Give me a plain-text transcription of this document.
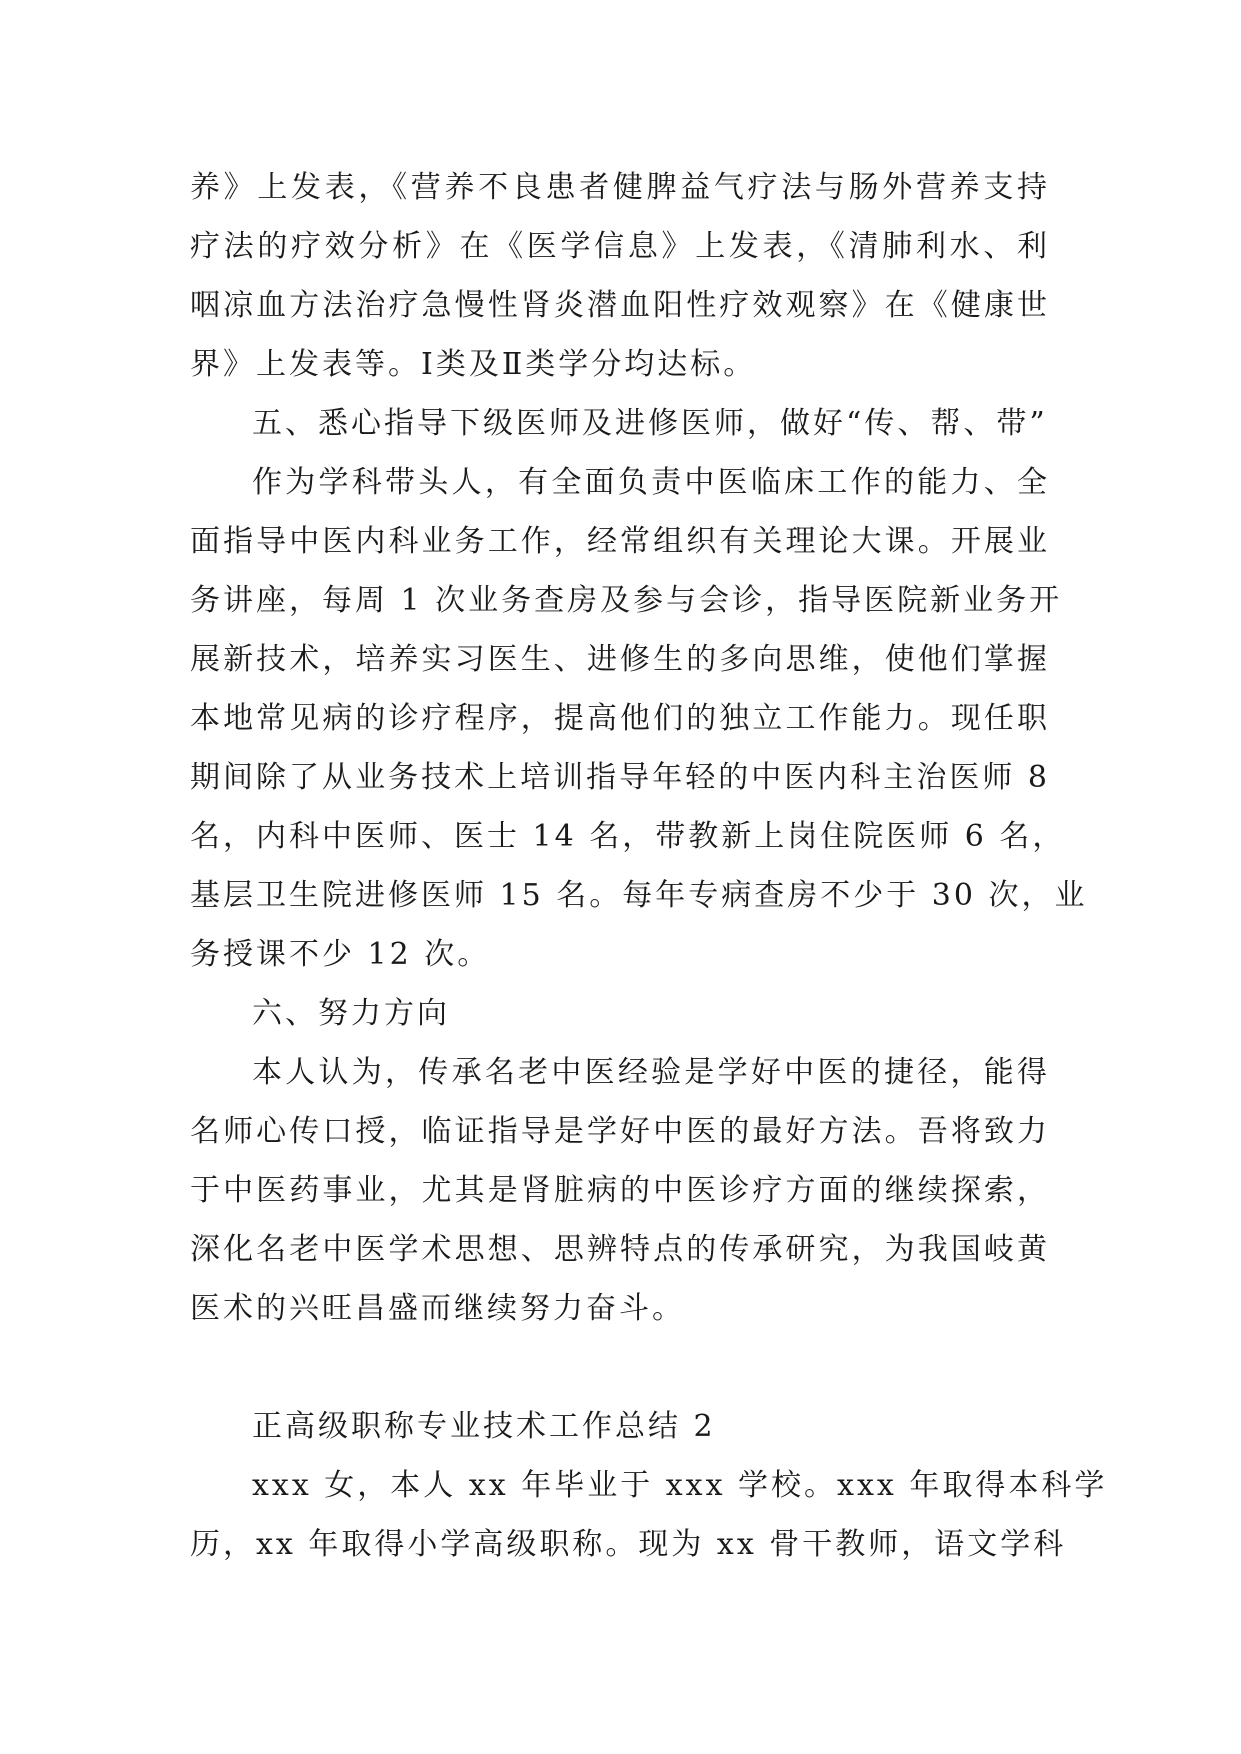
养》上发表，《营养不良患者健脾益气疗法与肠外营养支持
疗法的疗效分析》在《医学信息》上发表，《清肺利水、利
咽凉血方法治疗急慢性肾炎潜血阳性疗效观察》在《健康世
界》上发表等。Ⅰ类及Ⅱ类学分均达标。
五、悉心指导下级医师及进修医师，做好“传、帮、带”
作为学科带头人，有全面负责中医临床工作的能力、全
面指导中医内科业务工作，经常组织有关理论大课。开展业
务讲座，每周 1 次业务查房及参与会诊，指导医院新业务开
展新技术，培养实习医生、进修生的多向思维，使他们掌握
本地常见病的诊疗程序，提高他们的独立工作能力。现任职
期间除了从业务技术上培训指导年轻的中医内科主治医师 8
名，内科中医师、医士 14 名，带教新上岗住院医师 6 名，
基层卫生院进修医师 15 名。每年专病查房不少于 30 次，业
务授课不少 12 次。
六、努力方向
本人认为，传承名老中医经验是学好中医的捷径，能得
名师心传口授，临证指导是学好中医的最好方法。吾将致力
于中医药事业，尤其是肾脏病的中医诊疗方面的继续探索，
深化名老中医学术思想、思辨特点的传承研究，为我国岐黄
医术的兴旺昌盛而继续努力奋斗。
正高级职称专业技术工作总结 2
xxx 女，本人 xx 年毕业于 xxx 学校。xxx 年取得本科学
历，xx 年取得小学高级职称。现为 xx 骨干教师，语文学科
